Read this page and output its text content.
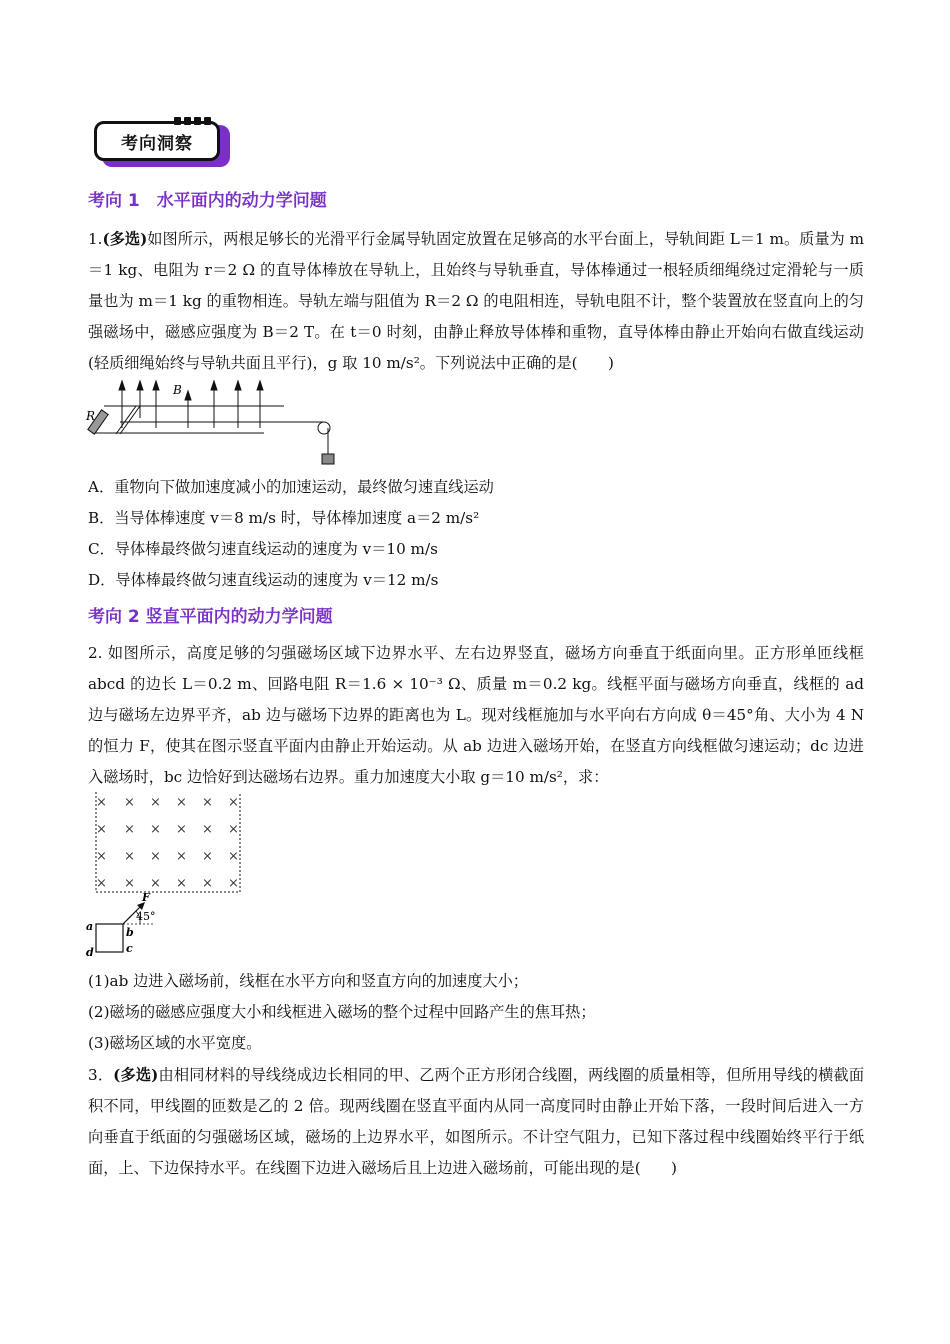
考向洞察
考向 1　水平面内的动力学问题
1.(多选)如图所示，两根足够长的光滑平行金属导轨固定放置在足够高的水平台面上，导轨间距 L＝1 m。质量为 m＝1 kg、电阻为 r＝2 Ω 的直导体棒放在导轨上，且始终与导轨垂直，导体棒通过一根轻质细绳绕过定滑轮与一质量也为 m＝1 kg 的重物相连。导轨左端与阻值为 R＝2 Ω 的电阻相连，导轨电阻不计，整个装置放在竖直向上的匀强磁场中，磁感应强度为 B＝2 T。在 t＝0 时刻，由静止释放导体棒和重物，直导体棒由静止开始向右做直线运动(轻质细绳始终与导轨共面且平行)，g 取 10 m/s²。下列说法中正确的是(　　)
R
B
A．重物向下做加速度减小的加速运动，最终做匀速直线运动
B．当导体棒速度 v＝8 m/s 时，导体棒加速度 a＝2 m/s²
C．导体棒最终做匀速直线运动的速度为 v＝10 m/s
D．导体棒最终做匀速直线运动的速度为 v＝12 m/s
考向 2 竖直平面内的动力学问题
2. 如图所示，高度足够的匀强磁场区域下边界水平、左右边界竖直，磁场方向垂直于纸面向里。正方形单匝线框 abcd 的边长 L＝0.2 m、回路电阻 R＝1.6 × 10⁻³ Ω、质量 m＝0.2 kg。线框平面与磁场方向垂直，线框的 ad 边与磁场左边界平齐，ab 边与磁场下边界的距离也为 L。现对线框施加与水平向右方向成 θ＝45°角、大小为 4 N 的恒力 F，使其在图示竖直平面内由静止开始运动。从 ab 边进入磁场开始，在竖直方向线框做匀速运动；dc 边进入磁场时，bc 边恰好到达磁场右边界。重力加速度大小取 g＝10 m/s²，求：
× × × × × ×
× × × × × ×
× × × × × ×
× × × × × ×
F
45°
a	b
c
d
(1)ab 边进入磁场前，线框在水平方向和竖直方向的加速度大小；
(2)磁场的磁感应强度大小和线框进入磁场的整个过程中回路产生的焦耳热；
(3)磁场区域的水平宽度。
3．(多选)由相同材料的导线绕成边长相同的甲、乙两个正方形闭合线圈，两线圈的质量相等，但所用导线的横截面积不同，甲线圈的匝数是乙的 2 倍。现两线圈在竖直平面内从同一高度同时由静止开始下落，一段时间后进入一方向垂直于纸面的匀强磁场区域，磁场的上边界水平，如图所示。不计空气阻力，已知下落过程中线圈始终平行于纸面，上、下边保持水平。在线圈下边进入磁场后且上边进入磁场前，可能出现的是(　　)
